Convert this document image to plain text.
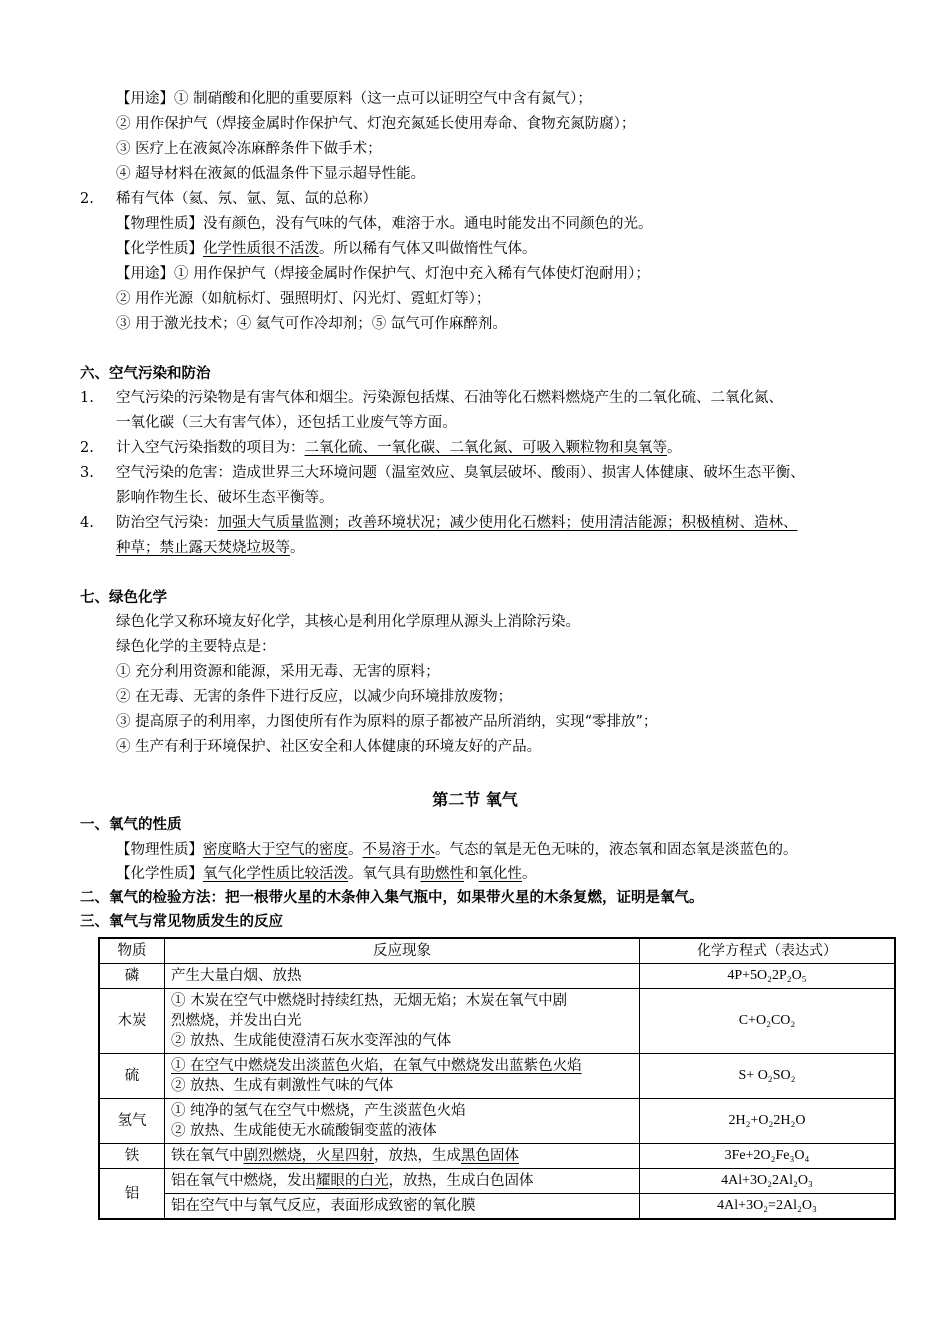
【用途】① 制硝酸和化肥的重要原料（这一点可以证明空气中含有氮气）；
② 用作保护气（焊接金属时作保护气、灯泡充氮延长使用寿命、食物充氮防腐）；
③ 医疗上在液氮冷冻麻醉条件下做手术；
④ 超导材料在液氮的低温条件下显示超导性能。
2. 稀有气体（氦、氖、氩、氪、氙的总称）
【物理性质】没有颜色，没有气味的气体，难溶于水。通电时能发出不同颜色的光。
【化学性质】化学性质很不活泼。所以稀有气体又叫做惰性气体。
【用途】① 用作保护气（焊接金属时作保护气、灯泡中充入稀有气体使灯泡耐用）；
② 用作光源（如航标灯、强照明灯、闪光灯、霓虹灯等）；
③ 用于激光技术；④ 氦气可作冷却剂；⑤ 氙气可作麻醉剂。
六、空气污染和防治
1. 空气污染的污染物是有害气体和烟尘。污染源包括煤、石油等化石燃料燃烧产生的二氧化硫、二氧化氮、
一氧化碳（三大有害气体），还包括工业废气等方面。
2. 计入空气污染指数的项目为：二氧化硫、一氧化碳、二氧化氮、可吸入颗粒物和臭氧等。
3. 空气污染的危害：造成世界三大环境问题（温室效应、臭氧层破坏、酸雨）、损害人体健康、破坏生态平衡、
影响作物生长、破坏生态平衡等。
4. 防治空气污染：加强大气质量监测；改善环境状况；减少使用化石燃料；使用清洁能源；积极植树、造林、
种草；禁止露天焚烧垃圾等。
七、绿色化学
绿色化学又称环境友好化学，其核心是利用化学原理从源头上消除污染。
绿色化学的主要特点是：
① 充分利用资源和能源，采用无毒、无害的原料；
② 在无毒、无害的条件下进行反应，以减少向环境排放废物；
③ 提高原子的利用率，力图使所有作为原料的原子都被产品所消纳，实现“零排放”；
④ 生产有利于环境保护、社区安全和人体健康的环境友好的产品。
第二节 氧气
一、氧气的性质
【物理性质】密度略大于空气的密度。不易溶于水。气态的氧是无色无味的，液态氧和固态氧是淡蓝色的。
【化学性质】氧气化学性质比较活泼。氧气具有助燃性和氧化性。
二、氧气的检验方法：把一根带火星的木条伸入集气瓶中，如果带火星的木条复燃，证明是氧气。
三、氧气与常见物质发生的反应
物质	反应现象	化学方程式（表达式）
磷	产生大量白烟、放热	4P+5O₂2P₂O₅
木炭	① 木炭在空气中燃烧时持续红热，无烟无焰；木炭在氧气中剧
烈燃烧，并发出白光
② 放热、生成能使澄清石灰水变浑浊的气体	C+O₂CO₂
硫	① 在空气中燃烧发出淡蓝色火焰，在氧气中燃烧发出蓝紫色火焰
② 放热、生成有刺激性气味的气体	S+ O₂SO₂
氢气	① 纯净的氢气在空气中燃烧，产生淡蓝色火焰
② 放热、生成能使无水硫酸铜变蓝的液体	2H₂+O₂2H₂O
铁	铁在氧气中剧烈燃烧，火星四射，放热，生成黑色固体	3Fe+2O₂Fe₃O₄
铝	铝在氧气中燃烧，发出耀眼的白光，放热，生成白色固体	4Al+3O₂2Al₂O₃
	铝在空气中与氧气反应，表面形成致密的氧化膜	4Al+3O₂=2Al₂O₃
